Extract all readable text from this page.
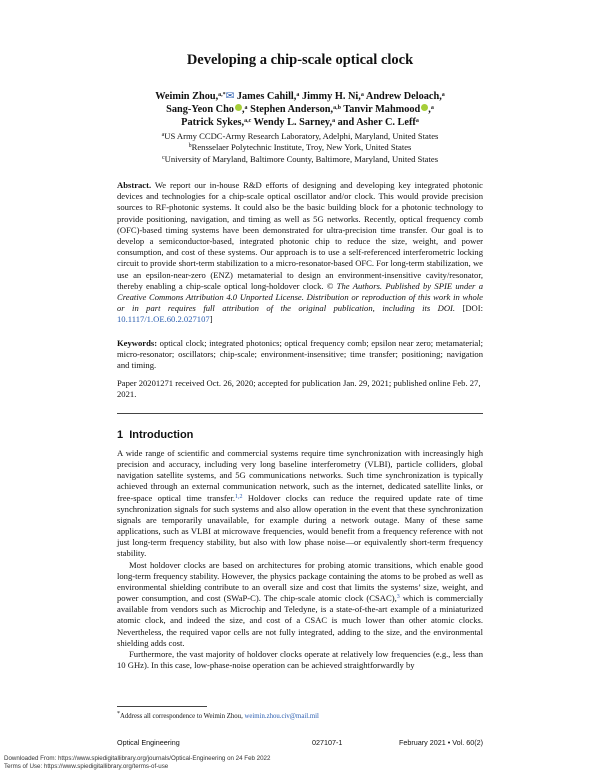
Developing a chip-scale optical clock
Weimin Zhou,$^{a,*}$✉ James Cahill,$^a$ Jimmy H. Ni,$^a$ Andrew Deloach,$^a$
Sang-Yeon Cho ,$^a$ Stephen Anderson,$^{a,b}$ Tanvir Mahmood ,$^a$
Patrick Sykes,$^{a,c}$ Wendy L. Sarney,$^a$ and Asher C. Leff$^a$
$^a$US Army CCDC-Army Research Laboratory, Adelphi, Maryland, United States
$^b$Rensselaer Polytechnic Institute, Troy, New York, United States
$^c$University of Maryland, Baltimore County, Baltimore, Maryland, United States
Abstract. We report our in-house R&D efforts of designing and developing key integrated photonic devices and technologies for a chip-scale optical oscillator and/or clock. This would provide precision sources to RF-photonic systems. It could also be the basic building block for a photonic technology to provide positioning, navigation, and timing as well as 5G networks. Recently, optical frequency comb (OFC)-based timing systems have been demonstrated for ultra-precision time transfer. Our goal is to develop a semiconductor-based, integrated photonic chip to reduce the size, weight, and power consumption, and cost of these systems. Our approach is to use a self-referenced interferometric locking circuit to provide short-term stabilization to a micro-resonator-based OFC. For long-term stabilization, we use an epsilon-near-zero (ENZ) metamaterial to design an environment-insensitive cavity/resonator, thereby enabling a chip-scale optical long-holdover clock. © The Authors. Published by SPIE under a Creative Commons Attribution 4.0 Unported License. Distribution or reproduction of this work in whole or in part requires full attribution of the original publication, including its DOI. [DOI: 10.1117/1.OE.60.2.027107]
Keywords: optical clock; integrated photonics; optical frequency comb; epsilon near zero; metamaterial; micro-resonator; oscillators; chip-scale; environment-insensitive; time transfer; positioning; navigation and timing.
Paper 20201271 received Oct. 26, 2020; accepted for publication Jan. 29, 2021; published online Feb. 27, 2021.
1 Introduction

A wide range of scientific and commercial systems require time synchronization with increasingly high precision and accuracy, including very long baseline interferometry (VLBI), particle colliders, global navigation satellite systems, and 5G communications networks. Such time synchronization is typically achieved through an external communication network, such as the internet, dedicated satellite links, or free-space optical time transfer.$^{1,2}$ Holdover clocks can reduce the required update rate of time synchronization signals for such systems and also allow operation in the event that these synchronization signals are temporarily unavailable, for example during a network outage. Many of these same applications, such as VLBI at microwave frequencies, would benefit from a frequency reference with not just long-term frequency stability, but also with low phase noise—or equivalently short-term frequency stability.

Most holdover clocks are based on architectures for probing atomic transitions, which enable good long-term frequency stability. However, the physics package containing the atoms to be probed as well as environmental shielding contribute to an overall size and cost that limits the systems’ size, weight, and power consumption, and cost (SWaP-C). The chip-scale atomic clock (CSAC),$^3$ which is commercially available from vendors such as Microchip and Teledyne, is a state-of-the-art example of a miniaturized atomic clock, and indeed the size, and cost of a CSAC is much lower than other atomic clocks. Nevertheless, the required vapor cells are not fully integrated, adding to the size, and the environmental shielding adds cost.

Furthermore, the vast majority of holdover clocks operate at relatively low frequencies (e.g., less than 10 GHz). In this case, low-phase-noise operation can be achieved straightforwardly by

*Address all correspondence to Weimin Zhou, weimin.zhou.civ@mail.mil
Optical Engineering	027107-1	February 2021 • Vol. 60(2)
Downloaded From: https://www.spiedigitallibrary.org/journals/Optical-Engineering on 24 Feb 2022
Terms of Use: https://www.spiedigitallibrary.org/terms-of-use
